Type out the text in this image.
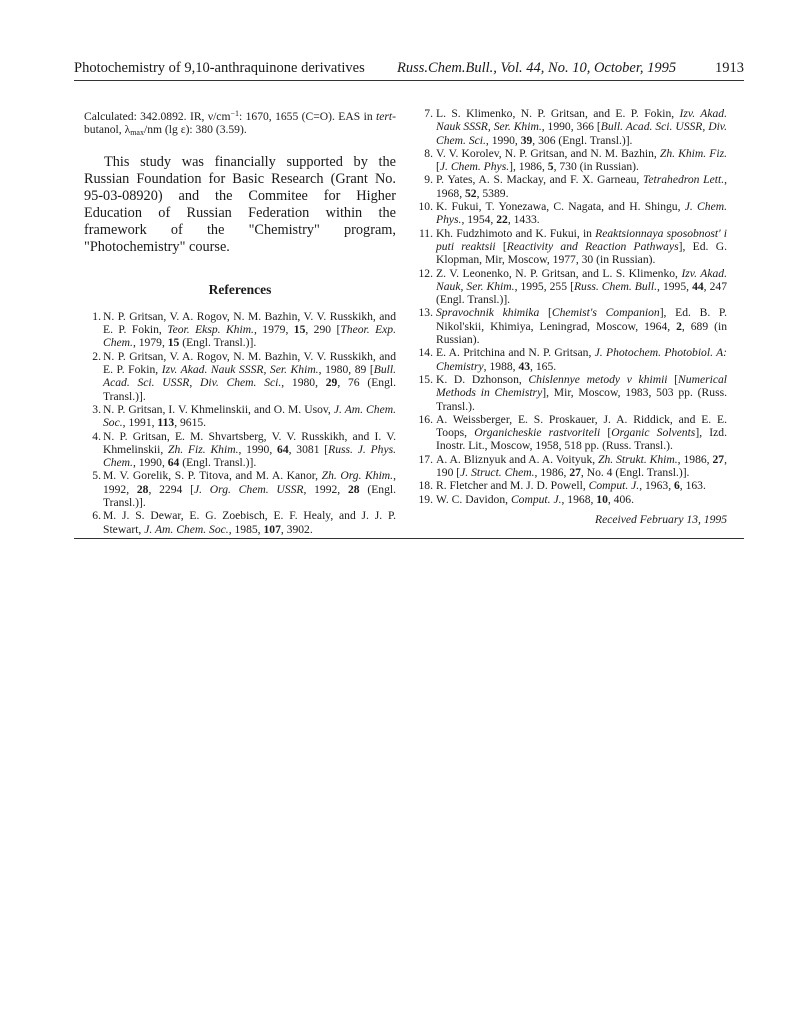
Photochemistry of 9,10-anthraquinone derivatives Russ.Chem.Bull., Vol. 44, No. 10, October, 1995	1913

Calculated: 342.0892. IR, $\nu/cm^{-1}$: 1670, 1655 (C=O). EAS in tert-butanol, $\lambda_{max}/nm$ (lg ε): 380 (3.59).

This study was financially supported by the Russian Foundation for Basic Research (Grant No. 95-03-08920) and the Commitee for Higher Education of Russian Federation within the framework of the "Chemistry" program, "Photochemistry" course.

References

1. N. P. Gritsan, V. A. Rogov, N. M. Bazhin, V. V. Russkikh, and E. P. Fokin, Teor. Eksp. Khim., 1979, 15, 290 [Theor. Exp. Chem., 1979, 15 (Engl. Transl.)].

2. N. P. Gritsan, V. A. Rogov, N. M. Bazhin, V. V. Russkikh, and E. P. Fokin, Izv. Akad. Nauk SSSR, Ser. Khim., 1980, 89 [Bull. Acad. Sci. USSR, Div. Chem. Sci., 1980, 29, 76 (Engl. Transl.)].

3. N. P. Gritsan, I. V. Khmelinskii, and O. M. Usov, J. Am. Chem. Soc., 1991, 113, 9615.

4. N. P. Gritsan, E. M. Shvartsberg, V. V. Russkikh, and I. V. Khmelinskii, Zh. Fiz. Khim., 1990, 64, 3081 [Russ. J. Phys. Chem., 1990, 64 (Engl. Transl.)].

5. M. V. Gorelik, S. P. Titova, and M. A. Kanor, Zh. Org. Khim., 1992, 28, 2294 [J. Org. Chem. USSR, 1992, 28 (Engl. Transl.)].

6. M. J. S. Dewar, E. G. Zoebisch, E. F. Healy, and J. J. P. Stewart, J. Am. Chem. Soc., 1985, 107, 3902.

7. L. S. Klimenko, N. P. Gritsan, and E. P. Fokin, Izv. Akad. Nauk SSSR, Ser. Khim., 1990, 366 [Bull. Acad. Sci. USSR, Div. Chem. Sci., 1990, 39, 306 (Engl. Transl.)].

8. V. V. Korolev, N. P. Gritsan, and N. M. Bazhin, Zh. Khim. Fiz. [J. Chem. Phys.], 1986, 5, 730 (in Russian).

9. P. Yates, A. S. Mackay, and F. X. Garneau, Tetrahedron Lett., 1968, 52, 5389.

10. K. Fukui, T. Yonezawa, C. Nagata, and H. Shingu, J. Chem. Phys., 1954, 22, 1433.

11. Kh. Fudzhimoto and K. Fukui, in Reaktsionnaya sposobnost' i puti reaktsii [Reactivity and Reaction Pathways], Ed. G. Klopman, Mir, Moscow, 1977, 30 (in Russian).

12. Z. V. Leonenko, N. P. Gritsan, and L. S. Klimenko, Izv. Akad. Nauk, Ser. Khim., 1995, 255 [Russ. Chem. Bull., 1995, 44, 247 (Engl. Transl.)].

13. Spravochnik khimika [Chemist's Companion], Ed. B. P. Nikol'skii, Khimiya, Leningrad, Moscow, 1964, 2, 689 (in Russian).

14. E. A. Pritchina and N. P. Gritsan, J. Photochem. Photobiol. A: Chemistry, 1988, 43, 165.

15. K. D. Dzhonson, Chislennye metody v khimii [Numerical Methods in Chemistry], Mir, Moscow, 1983, 503 pp. (Russ. Transl.).

16. A. Weissberger, E. S. Proskauer, J. A. Riddick, and E. E. Toops, Organicheskie rastvoriteli [Organic Solvents], Izd. Inostr. Lit., Moscow, 1958, 518 pp. (Russ. Transl.).

17. A. A. Bliznyuk and A. A. Voityuk, Zh. Strukt. Khim., 1986, 27, 190 [J. Struct. Chem., 1986, 27, No. 4 (Engl. Transl.)].

18. R. Fletcher and M. J. D. Powell, Comput. J., 1963, 6, 163.

19. W. C. Davidon, Comput. J., 1968, 10, 406.

Received February 13, 1995
